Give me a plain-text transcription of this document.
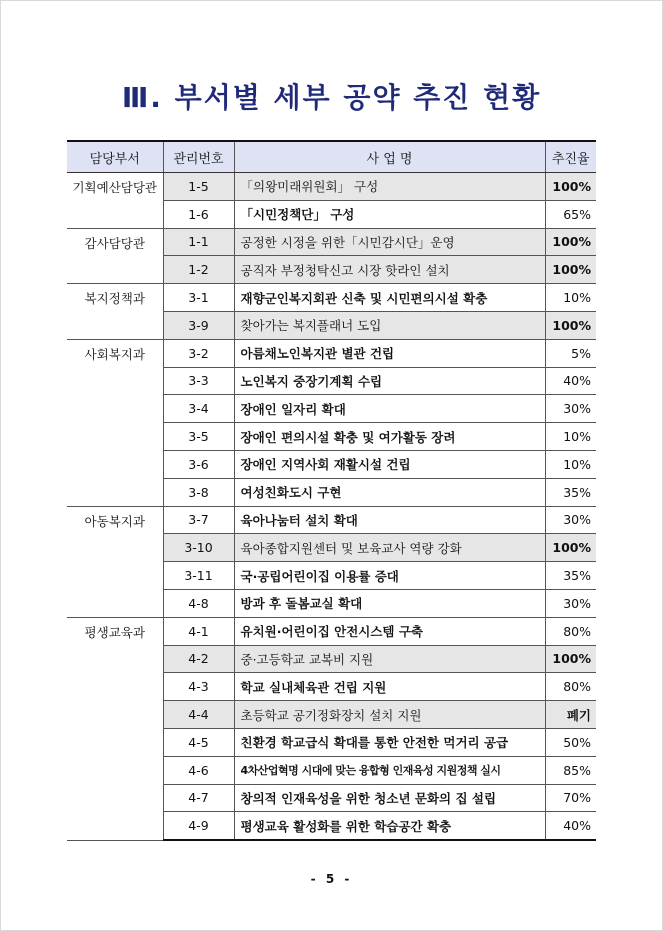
Ⅲ. 부서별 세부 공약 추진 현황
담당부서	관리번호	사 업 명	추진율
기획예산담당관	1-5	「의왕미래위원회」 구성	100%
	1-6	「시민정책단」 구성	65%
감사담당관	1-1	공정한 시정을 위한「시민감시단」운영	100%
	1-2	공직자 부정청탁신고 시장 핫라인 설치	100%
복지정책과	3-1	재향군인복지회관 신축 및 시민편의시설 확충	10%
	3-9	찾아가는 복지플래너 도입	100%
사회복지과	3-2	아름채노인복지관 별관 건립	5%
	3-3	노인복지 중장기계획 수립	40%
	3-4	장애인 일자리 확대	30%
	3-5	장애인 편의시설 확충 및 여가활동 장려	10%
	3-6	장애인 지역사회 재활시설 건립	10%
	3-8	여성친화도시 구현	35%
아동복지과	3-7	육아나눔터 설치 확대	30%
	3-10	육아종합지원센터 및 보육교사 역량 강화	100%
	3-11	국·공립어린이집 이용률 증대	35%
	4-8	방과 후 돌봄교실 확대	30%
평생교육과	4-1	유치원·어린이집 안전시스템 구축	80%
	4-2	중·고등학교 교복비 지원	100%
	4-3	학교 실내체육관 건립 지원	80%
	4-4	초등학교 공기정화장치 설치 지원	폐기
	4-5	친환경 학교급식 확대를 통한 안전한 먹거리 공급	50%
	4-6	4차산업혁명 시대에 맞는 융합형 인재육성 지원정책 실시	85%
	4-7	창의적 인재육성을 위한 청소년 문화의 집 설립	70%
	4-9	평생교육 활성화를 위한 학습공간 확충	40%
- 5 -
